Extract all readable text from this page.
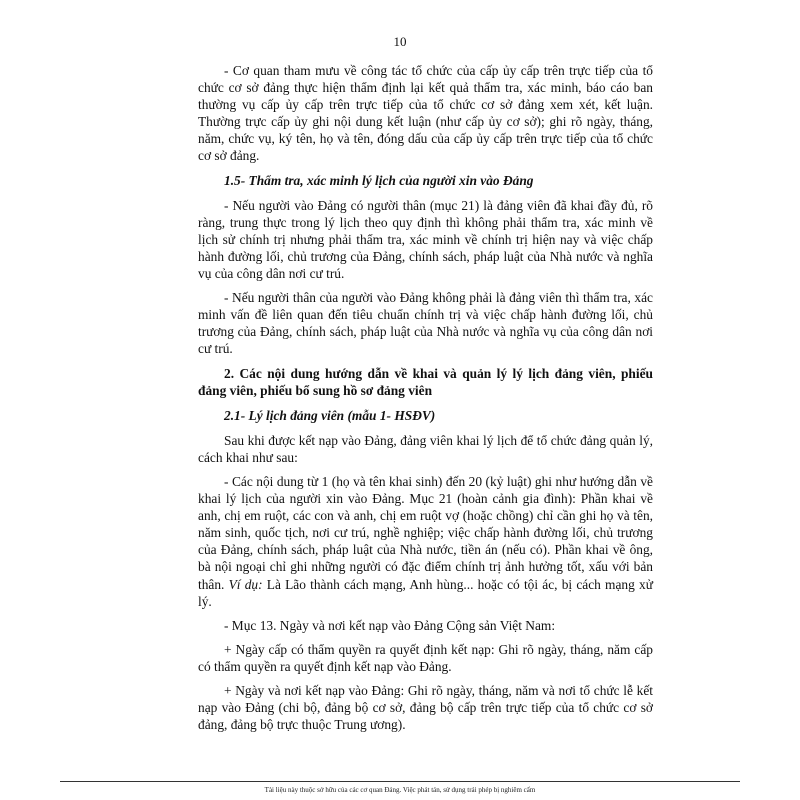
10

- Cơ quan tham mưu về công tác tổ chức của cấp ủy cấp trên trực tiếp của tổ chức cơ sở đảng thực hiện thẩm định lại kết quả thẩm tra, xác minh, báo cáo ban thường vụ cấp ủy cấp trên trực tiếp của tổ chức cơ sở đảng xem xét, kết luận. Thường trực cấp ủy ghi nội dung kết luận (như cấp ủy cơ sở); ghi rõ ngày, tháng, năm, chức vụ, ký tên, họ và tên, đóng dấu của cấp ủy cấp trên trực tiếp của tổ chức cơ sở đảng.

1.5- Thẩm tra, xác minh lý lịch của người xin vào Đảng

- Nếu người vào Đảng có người thân (mục 21) là đảng viên đã khai đầy đủ, rõ ràng, trung thực trong lý lịch theo quy định thì không phải thẩm tra, xác minh về lịch sử chính trị nhưng phải thẩm tra, xác minh về chính trị hiện nay và việc chấp hành đường lối, chủ trương của Đảng, chính sách, pháp luật của Nhà nước và nghĩa vụ của công dân nơi cư trú.

- Nếu người thân của người vào Đảng không phải là đảng viên thì thẩm tra, xác minh vấn đề liên quan đến tiêu chuẩn chính trị và việc chấp hành đường lối, chủ trương của Đảng, chính sách, pháp luật của Nhà nước và nghĩa vụ của công dân nơi cư trú.

2. Các nội dung hướng dẫn về khai và quản lý lý lịch đảng viên, phiếu đảng viên, phiếu bổ sung hồ sơ đảng viên

2.1- Lý lịch đảng viên (mẫu 1- HSĐV)

Sau khi được kết nạp vào Đảng, đảng viên khai lý lịch để tổ chức đảng quản lý, cách khai như sau:

- Các nội dung từ 1 (họ và tên khai sinh) đến 20 (kỷ luật) ghi như hướng dẫn về khai lý lịch của người xin vào Đảng. Mục 21 (hoàn cảnh gia đình): Phần khai về anh, chị em ruột, các con và anh, chị em ruột vợ (hoặc chồng) chỉ cần ghi họ và tên, năm sinh, quốc tịch, nơi cư trú, nghề nghiệp; việc chấp hành đường lối, chủ trương của Đảng, chính sách, pháp luật của Nhà nước, tiền án (nếu có). Phần khai về ông, bà nội ngoại chỉ ghi những người có đặc điểm chính trị ảnh hưởng tốt, xấu với bản thân. Ví dụ: Là Lão thành cách mạng, Anh hùng... hoặc có tội ác, bị cách mạng xử lý.

- Mục 13. Ngày và nơi kết nạp vào Đảng Cộng sản Việt Nam:

+ Ngày cấp có thẩm quyền ra quyết định kết nạp: Ghi rõ ngày, tháng, năm cấp có thẩm quyền ra quyết định kết nạp vào Đảng.

+ Ngày và nơi kết nạp vào Đảng: Ghi rõ ngày, tháng, năm và nơi tổ chức lễ kết nạp vào Đảng (chi bộ, đảng bộ cơ sở, đảng bộ cấp trên trực tiếp của tổ chức cơ sở đảng, đảng bộ trực thuộc Trung ương).

Tài liệu này thuộc sở hữu của các cơ quan Đảng. Việc phát tán, sử dụng trái phép bị nghiêm cấm
